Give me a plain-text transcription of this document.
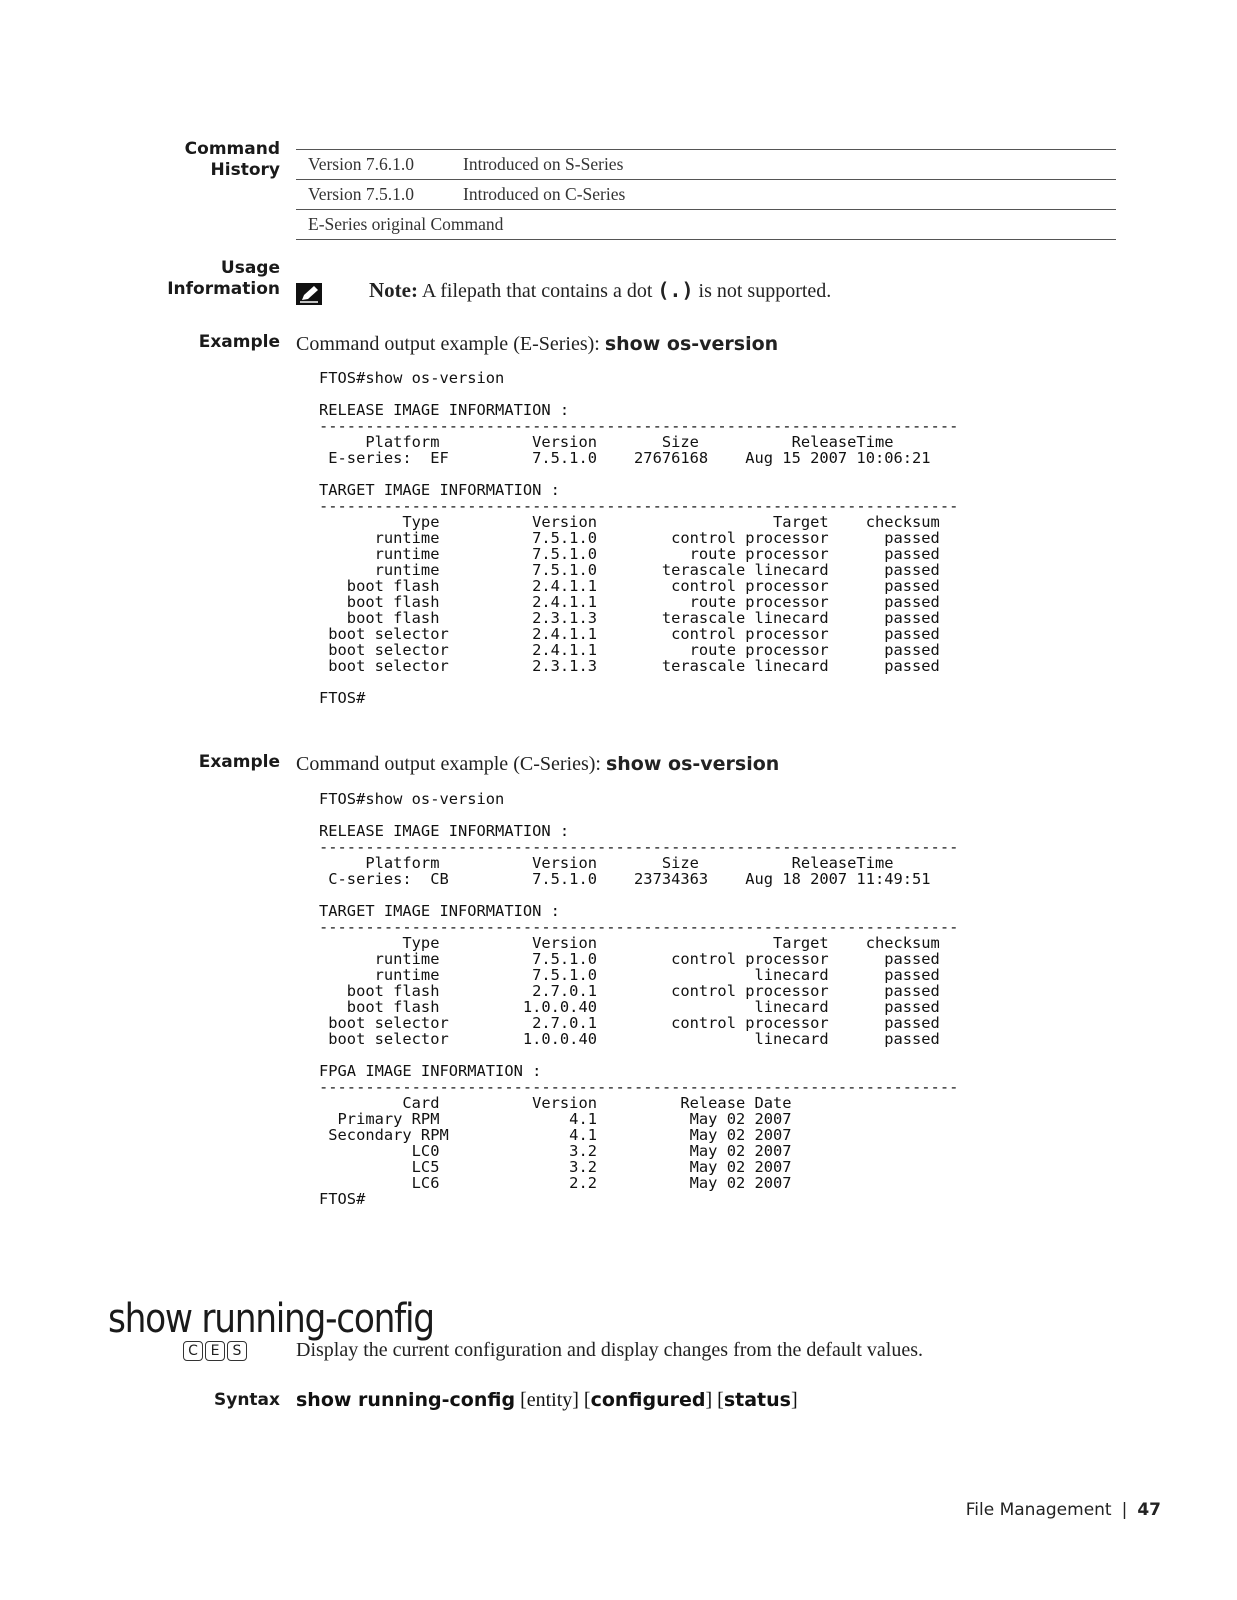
Command
History	Version 7.6.1.0	Introduced on S-Series
Version 7.5.1.0	Introduced on C-Series
E-Series original Command
Usage
Information	Note: A filepath that contains a dot (.) is not supported.
Example Command output example (E-Series): show os-version
FTOS#show os-version

RELEASE IMAGE INFORMATION :
---------------------------------------------------------------------
Platform          Version       Size          ReleaseTime
E-series:  EF         7.5.1.0    27676168    Aug 15 2007 10:06:21

TARGET IMAGE INFORMATION :
---------------------------------------------------------------------
Type          Version                   Target    checksum
runtime          7.5.1.0        control processor      passed
runtime          7.5.1.0          route processor      passed
runtime          7.5.1.0       terascale linecard      passed
boot flash          2.4.1.1        control processor      passed
boot flash          2.4.1.1          route processor      passed
boot flash          2.3.1.3       terascale linecard      passed
boot selector         2.4.1.1        control processor      passed
boot selector         2.4.1.1          route processor      passed
boot selector         2.3.1.3       terascale linecard      passed

FTOS#
Example Command output example (C-Series): show os-version
FTOS#show os-version

RELEASE IMAGE INFORMATION :
---------------------------------------------------------------------
Platform          Version       Size          ReleaseTime
C-series:  CB         7.5.1.0    23734363    Aug 18 2007 11:49:51

TARGET IMAGE INFORMATION :
---------------------------------------------------------------------
Type          Version                   Target    checksum
runtime          7.5.1.0        control processor      passed
runtime          7.5.1.0                 linecard      passed
boot flash          2.7.0.1        control processor      passed
boot flash         1.0.0.40                 linecard      passed
boot selector         2.7.0.1        control processor      passed
boot selector        1.0.0.40                 linecard      passed

FPGA IMAGE INFORMATION :
---------------------------------------------------------------------
Card          Version         Release Date
Primary RPM              4.1          May 02 2007
Secondary RPM             4.1          May 02 2007
LC0              3.2          May 02 2007
LC5              3.2          May 02 2007
LC6              2.2          May 02 2007
FTOS#
show running-config
C E S	Display the current configuration and display changes from the default values.
Syntax show running-config [entity] [configured] [status]
File Management | 47
